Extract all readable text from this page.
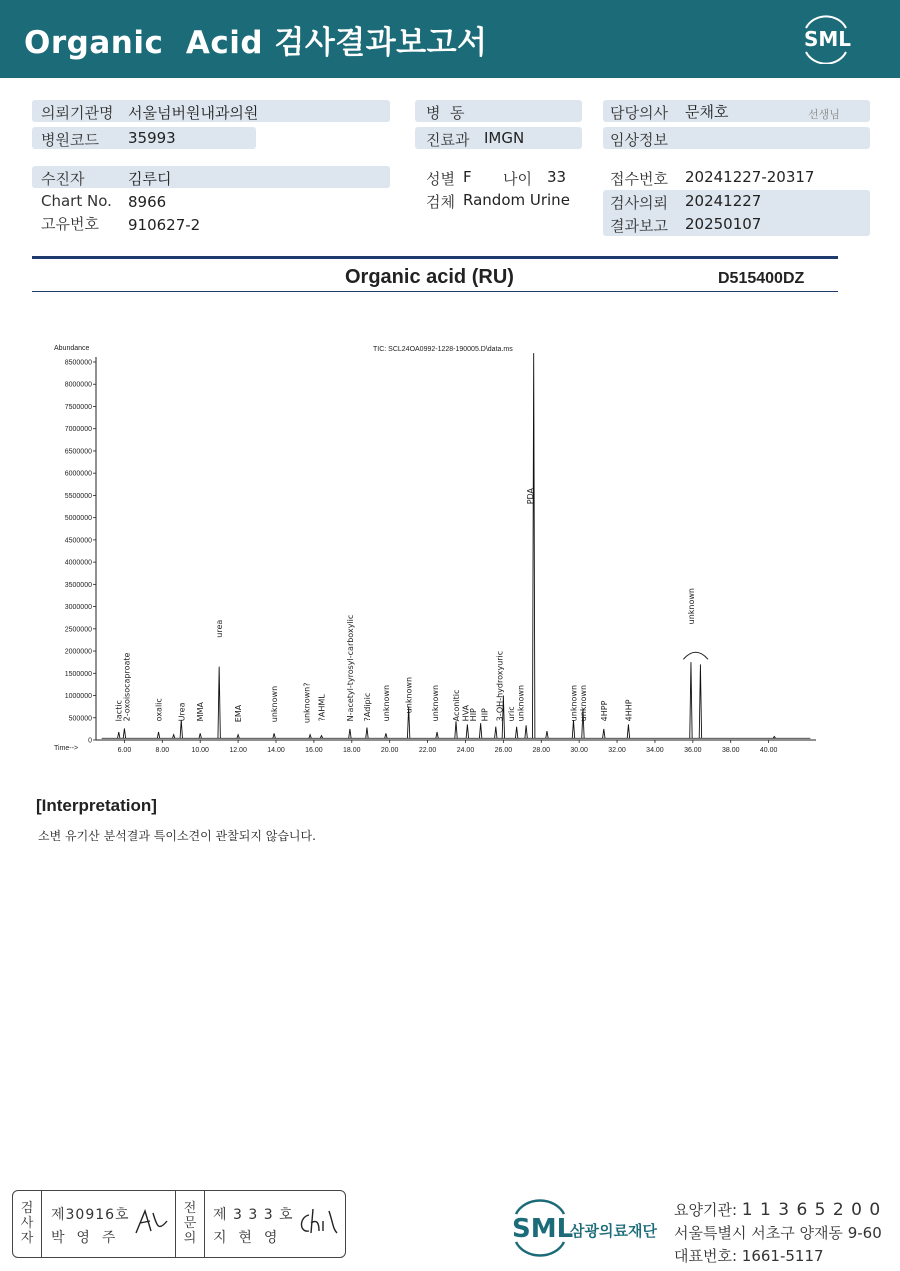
Organic  Acid 검사결과보고서	SML
의뢰기관명 서울넘버원내과의원
병원코드 35993
수진자	김루디
Chart No. 8966
고유번호 910627-2
병  동
진료과 IMGN
성별 F 나이 33
검체 Random Urine
담당의사 문채호	선생님
임상정보
접수번호 20241227-20317
검사의뢰 20241227
결과보고 20250107
Organic acid (RU)	D515400DZ
Abundance	TIC: SCL24OA0992-1228-190005.D\data.ms
Time-->
0
500000
1000000
1500000
2000000
2500000
3000000
3500000
4000000
4500000
5000000
5500000
6000000
6500000
7000000
7500000
8000000
8500000
6.00	8.00	10.00	12.00	14.00	16.00	18.00	20.00	22.00	24.00	26.00	28.00	30.00	32.00	34.00	36.00	38.00	40.00
lactic
2-oxoisocaproate	oxalic Urea MMA
urea
EMA	unknown	unknown? ?AHML N-acetyl-tyrosyl-carboxylic ?Adipic unknown unknown unknown Aconitic HVA
HIP HIP 3-OH-hydroxyuric uric unknown
PDA
unknown unknown 4HPP 4HHP
unknown
[Interpretation]
소변 유기산 분석결과 특이소견이 관찰되지 않습니다.
검사자
제30916호
박  영  주
전문의
제 3 3 3 호
지  현  영	SML
삼광의료재단
요양기관: 1 1 3 6 5 2 0 0
서울특별시 서초구 양재동 9-60
대표번호: 1661-5117
